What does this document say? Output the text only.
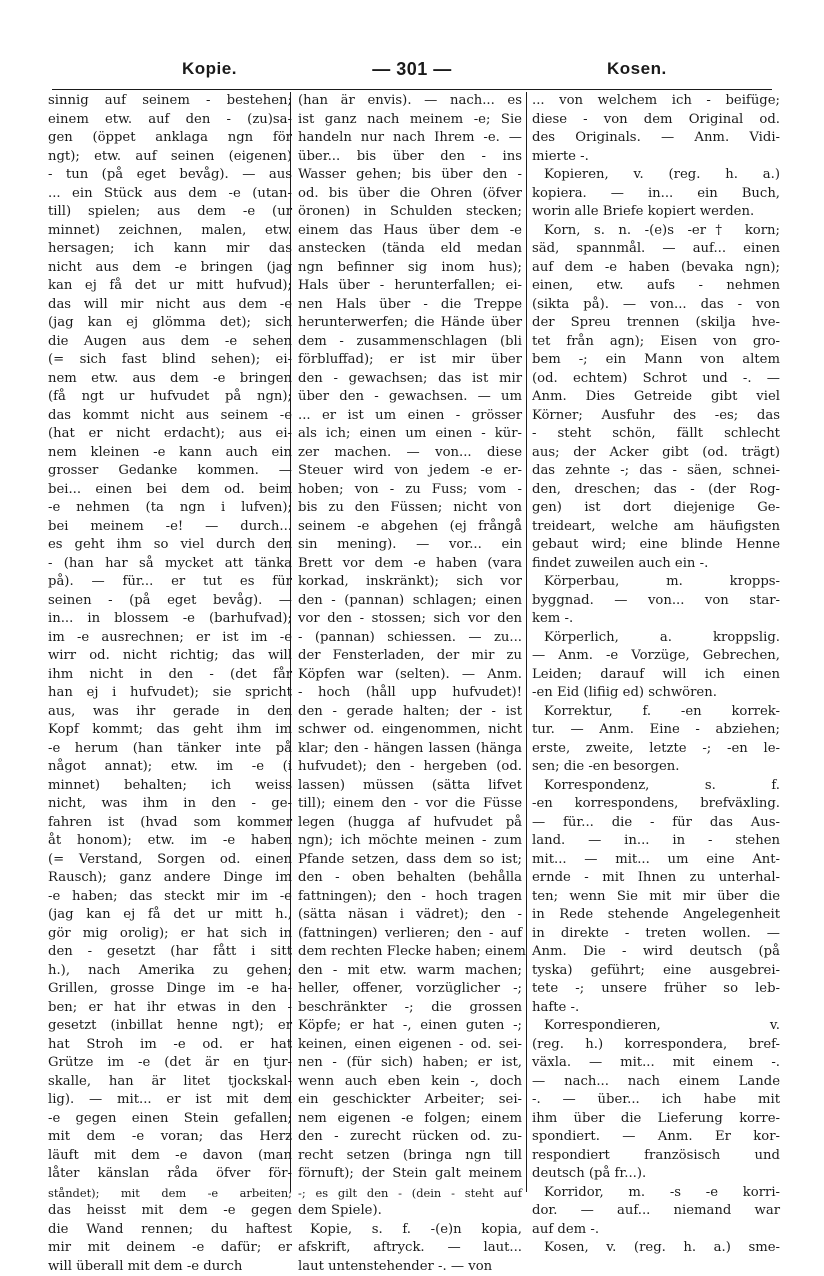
Kopie.	— 301 —	Kosen.
sinnig auf seinem - bestehen;
einem etw. auf den - (zu)sa-
gen (öppet anklaga ngn för
ngt); etw. auf seinen (eigenen)
- tun (på eget bevåg). — aus
... ein Stück aus dem -e (utan-
till) spielen; aus dem -e (ur
minnet) zeichnen, malen, etw.
hersagen; ich kann mir das
nicht aus dem -e bringen (jag
kan ej få det ur mitt hufvud);
das will mir nicht aus dem -e
(jag kan ej glömma det); sich
die Augen aus dem -e sehen
(= sich fast blind sehen); ei-
nem etw. aus dem -e bringen
(få ngt ur hufvudet på ngn);
das kommt nicht aus seinem -e
(hat er nicht erdacht); aus ei-
nem kleinen -e kann auch ein
grosser Gedanke kommen. —
bei... einen bei dem od. beim
-e nehmen (ta ngn i lufven);
bei meinem -e! — durch...
es geht ihm so viel durch den
- (han har så mycket att tänka
på). — für... er tut es für
seinen - (på eget bevåg). —
in... in blossem -e (barhufvad);
im -e ausrechnen; er ist im -e
wirr od. nicht richtig; das will
ihm nicht in den - (det får
han ej i hufvudet); sie spricht
aus, was ihr gerade in den
Kopf kommt; das geht ihm im
-e herum (han tänker inte på
något annat); etw. im -e (i
minnet) behalten; ich weiss
nicht, was ihm in den - ge-
fahren ist (hvad som kommer
åt honom); etw. im -e haben
(= Verstand, Sorgen od. einen
Rausch); ganz andere Dinge im
-e haben; das steckt mir im -e
(jag kan ej få det ur mitt h.,
gör mig orolig); er hat sich in
den - gesetzt (har fått i sitt
h.), nach Amerika zu gehen;
Grillen, grosse Dinge im -e ha-
ben; er hat ihr etwas in den -
gesetzt (inbillat henne ngt); er
hat Stroh im -e od. er hat
Grütze im -e (det är en tjur-
skalle, han är litet tjockskal-
lig). — mit... er ist mit dem
-e gegen einen Stein gefallen;
mit dem -e voran; das Herz
läuft mit dem -e davon (man
låter känslan råda öfver för-
ståndet); mit dem -e arbeiten;
das heisst mit dem -e gegen
die Wand rennen; du haftest
mir mit deinem -e dafür; er
will überall mit dem -e durch
(han är envis). — nach... es
ist ganz nach meinem -e; Sie
handeln nur nach Ihrem -e. —
über... bis über den - ins
Wasser gehen; bis über den -
od. bis über die Ohren (öfver
öronen) in Schulden stecken;
einem das Haus über dem -e
anstecken (tända eld medan
ngn befinner sig inom hus);
Hals über - herunterfallen; ei-
nen Hals über - die Treppe
herunterwerfen; die Hände über
dem - zusammenschlagen (bli
förbluffad); er ist mir über
den - gewachsen; das ist mir
über den - gewachsen. — um
... er ist um einen - grösser
als ich; einen um einen - kür-
zer machen. — von... diese
Steuer wird von jedem -e er-
hoben; von - zu Fuss; vom -
bis zu den Füssen; nicht von
seinem -e abgehen (ej frångå
sin mening). — vor... ein
Brett vor dem -e haben (vara
korkad, inskränkt); sich vor
den - (pannan) schlagen; einen
vor den - stossen; sich vor den
- (pannan) schiessen. — zu...
der Fensterladen, der mir zu
Köpfen war (selten). — Anm.
- hoch (håll upp hufvudet)!
den - gerade halten; der - ist
schwer od. eingenommen, nicht
klar; den - hängen lassen (hänga
hufvudet); den - hergeben (od.
lassen) müssen (sätta lifvet
till); einem den - vor die Füsse
legen (hugga af hufvudet på
ngn); ich möchte meinen - zum
Pfande setzen, dass dem so ist;
den - oben behalten (behålla
fattningen); den - hoch tragen
(sätta näsan i vädret); den -
(fattningen) verlieren; den - auf
dem rechten Flecke haben; einem
den - mit etw. warm machen;
heller, offener, vorzüglicher -;
beschränkter -; die grossen
Köpfe; er hat -, einen guten -;
keinen, einen eigenen - od. sei-
nen - (für sich) haben; er ist,
wenn auch eben kein -, doch
ein geschickter Arbeiter; sei-
nem eigenen -e folgen; einem
den - zurecht rücken od. zu-
recht setzen (bringa ngn till
förnuft); der Stein galt meinem
-; es gilt den - (dein - steht auf
dem Spiele).
Kopie, s. f. -(e)n kopia,
afskrift, aftryck. — laut...
laut untenstehender -. — von
... von welchem ich - beifüge;
diese - von dem Original od.
des Originals. — Anm. Vidi-
mierte -.
Kopieren, v. (reg. h. a.)
kopiera. — in... ein Buch,
worin alle Briefe kopiert werden.
Korn, s. n. -(e)s -er† korn;
säd, spannmål. — auf... einen
auf dem -e haben (bevaka ngn);
einen, etw. aufs - nehmen
(sikta på). — von... das - von
der Spreu trennen (skilja hve-
tet från agn); Eisen von gro-
bem -; ein Mann von altem
(od. echtem) Schrot und -. —
Anm. Dies Getreide gibt viel
Körner; Ausfuhr des -es; das
- steht schön, fällt schlecht
aus; der Acker gibt (od. trägt)
das zehnte -; das - säen, schnei-
den, dreschen; das - (der Rog-
gen) ist dort diejenige Ge-
treideart, welche am häufigsten
gebaut wird; eine blinde Henne
findet zuweilen auch ein -.
Körperbau, m. kropps-
byggnad. — von... von star-
kem -.
Körperlich, a. kroppslig.
— Anm. -e Vorzüge, Gebrechen,
Leiden; darauf will ich einen
-en Eid (lifiig ed) schwören.
Korrektur, f. -en korrek-
tur. — Anm. Eine - abziehen;
erste, zweite, letzte -; -en le-
sen; die -en besorgen.
Korrespondenz, s. f.
-en korrespondens, brefväxling.
— für... die - für das Aus-
land. — in... in - stehen
mit... — mit... um eine Ant-
ernde - mit Ihnen zu unterhal-
ten; wenn Sie mit mir über die
in Rede stehende Angelegenheit
in direkte - treten wollen. —
Anm. Die - wird deutsch (på
tyska) geführt; eine ausgebrei-
tete -; unsere früher so leb-
hafte -.
Korrespondieren, v.
(reg. h.) korrespondera, bref-
växla. — mit... mit einem -.
— nach... nach einem Lande
-. — über... ich habe mit
ihm über die Lieferung korre-
spondiert. — Anm. Er kor-
respondiert französisch und
deutsch (på fr...).
Korridor, m. -s -e korri-
dor. — auf... niemand war
auf dem -.
Kosen, v. (reg. h. a.) sme-
